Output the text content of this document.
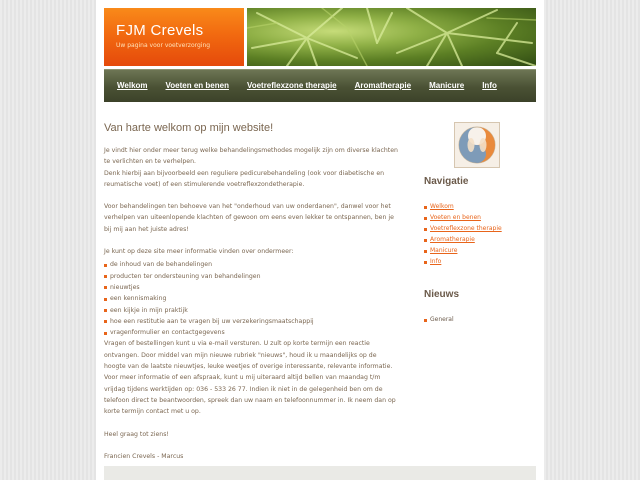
FJM Crevels
Uw pagina voor voetverzorging
Welkom Voeten en benen Voetreflexzone therapie Aromatherapie Manicure Info
Van harte welkom op mijn website!

Je vindt hier onder meer terug welke behandelingsmethodes mogelijk zijn om diverse klachten te verlichten en te verhelpen.

Denk hierbij aan bijvoorbeeld een reguliere pedicurebehandeling (ook voor diabetische en reumatische voet) of een stimulerende voetreflexzondetherapie.

Voor behandelingen ten behoeve van het "onderhoud van uw onderdanen", danwel voor het verhelpen van uiteenlopende klachten of gewoon om eens even lekker te ontspannen, ben je bij mij aan het juiste adres!

Je kunt op deze site meer informatie vinden over ondermeer:

de inhoud van de behandelingen
producten ter ondersteuning van behandelingen
nieuwtjes
een kennismaking
een kijkje in mijn praktijk
hoe een restitutie aan te vragen bij uw verzekeringsmaatschappij
vragenformulier en contactgegevens

Vragen of bestellingen kunt u via e-mail versturen. U zult op korte termijn een reactie ontvangen. Door middel van mijn nieuwe rubriek "nieuws", houd ik u maandelijks op de hoogte van de laatste nieuwtjes, leuke weetjes of overige interessante, relevante informatie.

Voor meer informatie of een afspraak, kunt u mij uiteraard altijd bellen van maandag t/m vrijdag tijdens werktijden op: 036 - 533 26 77. Indien ik niet in de gelegenheid ben om de telefoon direct te beantwoorden, spreek dan uw naam en telefoonnummer in. Ik neem dan op korte termijn contact met u op.

Heel graag tot ziens!

Francien Crevels - Marcus

Navigatie
Welkom
Voeten en benen
Voetreflexzone therapie
Aromatherapie
Manicure
Info
Nieuws
General
